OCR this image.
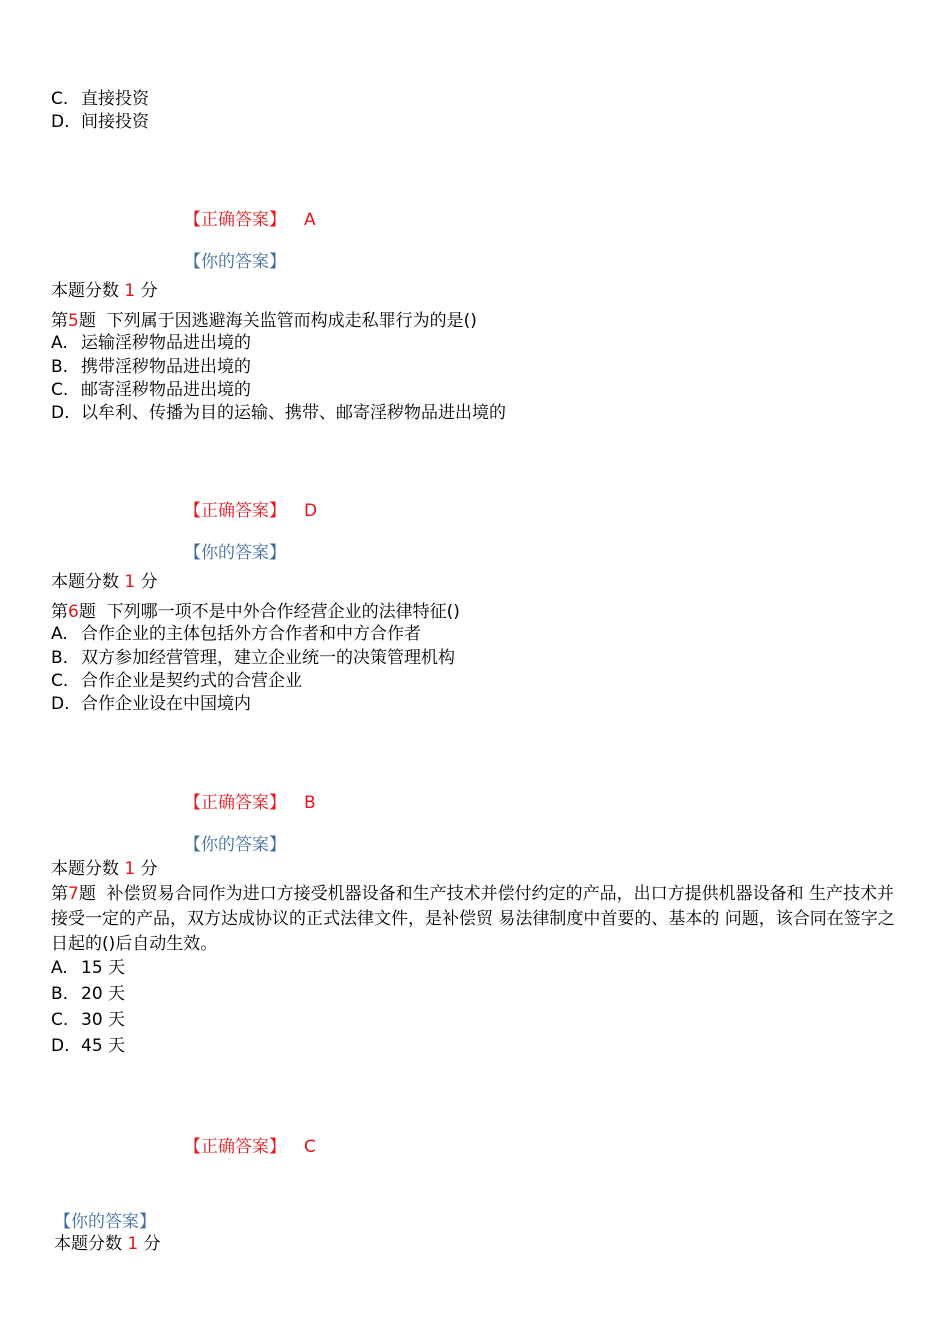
C. 直接投资
D. 间接投资
【正确答案】 A
【你的答案】
本题分数 1 分
第5题 下列属于因逃避海关监管而构成走私罪行为的是()
A. 运输淫秽物品进出境的
B. 携带淫秽物品进出境的
C. 邮寄淫秽物品进出境的
D. 以牟利、传播为目的运输、携带、邮寄淫秽物品进出境的
【正确答案】 D
【你的答案】
本题分数 1 分
第6题 下列哪一项不是中外合作经营企业的法律特征()
A. 合作企业的主体包括外方合作者和中方合作者
B. 双方参加经营管理，建立企业统一的决策管理机构
C. 合作企业是契约式的合营企业
D. 合作企业设在中国境内
【正确答案】 B
【你的答案】
本题分数 1 分
第7题 补偿贸易合同作为进口方接受机器设备和生产技术并偿付约定的产品，出口方提供机器设备和 生产技术并接受一定的产品，双方达成协议的正式法律文件，是补偿贸 易法律制度中首要的、基本的 问题，该合同在签字之日起的()后自动生效。
A. 15 天
B. 20 天
C. 30 天
D. 45 天
【正确答案】 C
【你的答案】
本题分数 1 分
